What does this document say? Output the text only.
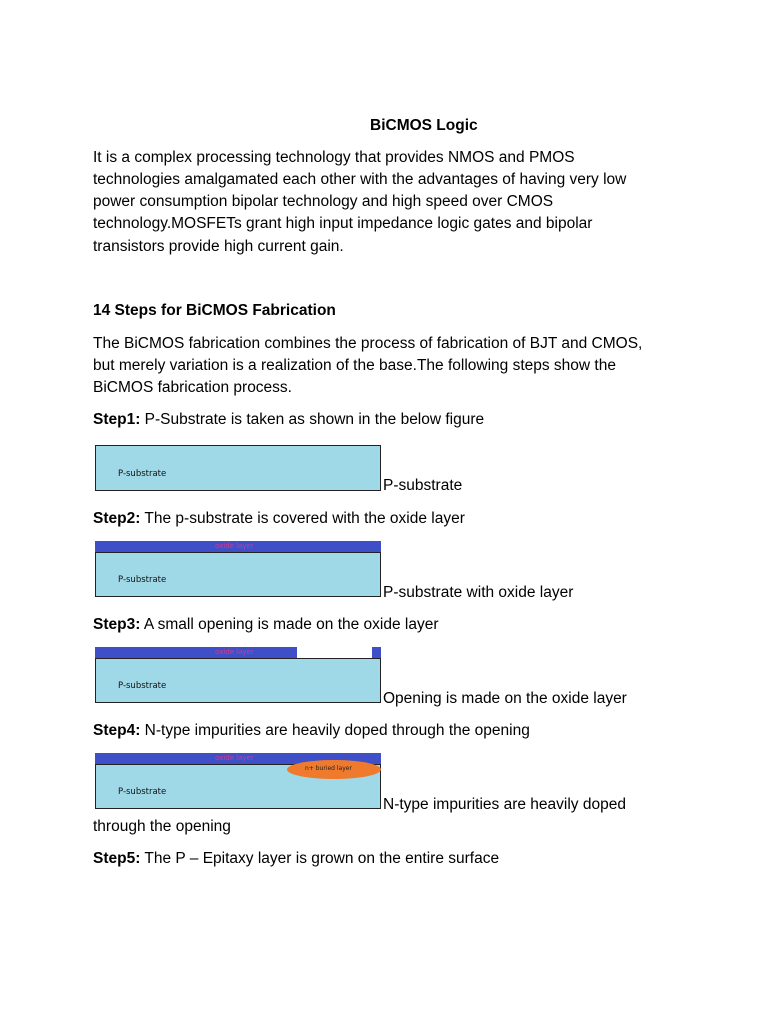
BiCMOS Logic
It is a complex processing technology that provides NMOS and PMOS
technologies amalgamated each other with the advantages of having very low
power consumption bipolar technology and high speed over CMOS
technology.MOSFETs grant high input impedance logic gates and bipolar
transistors provide high current gain.
14 Steps for BiCMOS Fabrication
The BiCMOS fabrication combines the process of fabrication of BJT and CMOS,
but merely variation is a realization of the base.The following steps show the
BiCMOS fabrication process.
Step1: P-Substrate is taken as shown in the below figure
P-substrate
P-substrate
Step2: The p-substrate is covered with the oxide layer
P-substrate
oxide layer
P-substrate with oxide layer
Step3: A small opening is made on the oxide layer
P-substrate
oxide layer
Opening is made on the oxide layer
Step4: N-type impurities are heavily doped through the opening
P-substrate
oxide layer
n+ buried layer
N-type impurities are heavily doped
through the opening
Step5: The P – Epitaxy layer is grown on the entire surface
